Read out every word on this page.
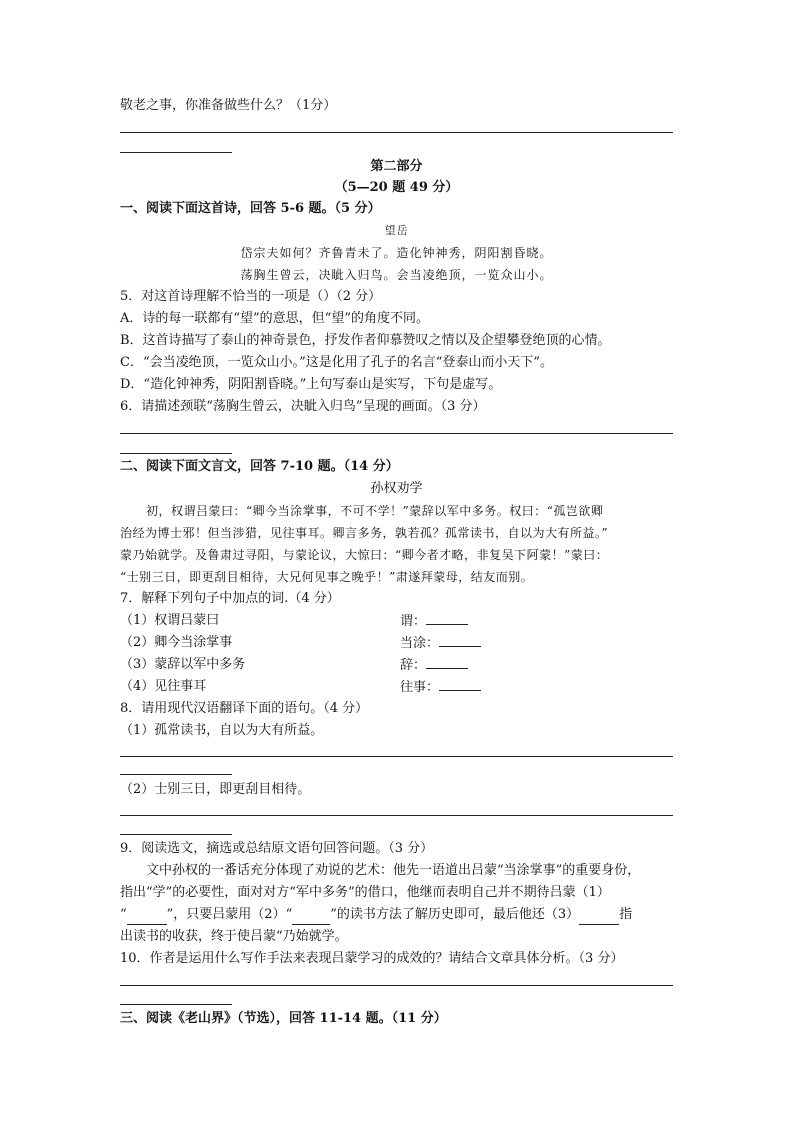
敬老之事，你准备做些什么？（1分）
第二部分
（5—20 题 49 分）
一、阅读下面这首诗，回答 5-6 题。（5 分）
望岳
岱宗夫如何？齐鲁青未了。造化钟神秀，阴阳割昏晓。
荡胸生曾云，决眦入归鸟。会当凌绝顶，一览众山小。
5．对这首诗理解不恰当的一项是（）（2 分）
A．诗的每一联都有“望”的意思，但“望”的角度不同。
B．这首诗描写了泰山的神奇景色，抒发作者仰慕赞叹之情以及企望攀登绝顶的心情。
C．“会当凌绝顶，一览众山小。”这是化用了孔子的名言“登泰山而小天下”。
D．“造化钟神秀，阴阳割昏晓。”上句写泰山是实写，下句是虚写。
6．请描述颈联“荡胸生曾云，决眦入归鸟”呈现的画面。（3 分）
二、阅读下面文言文，回答 7-10 题。（14 分）
孙权劝学
初，权谓吕蒙曰：“卿今当涂掌事，不可不学！”蒙辞以军中多务。权曰：“孤岂欲卿
治经为博士邪！但当涉猎，见往事耳。卿言多务，孰若孤？孤常读书，自以为大有所益。”
蒙乃始就学。及鲁肃过寻阳，与蒙论议，大惊曰：“卿今者才略，非复吴下阿蒙！”蒙曰：
“士别三日，即更刮目相待，大兄何见事之晚乎！”肃遂拜蒙母，结友而别。
7．解释下列句子中加点的词.（4 分）
（1）权谓吕蒙曰	谓：
（2）卿今当涂掌事	当涂：
（3）蒙辞以军中多务	辞：
（4）见往事耳	往事：
8．请用现代汉语翻译下面的语句。（4 分）
（1）孤常读书，自以为大有所益。
（2）士别三日，即更刮目相待。
9．阅读选文，摘选或总结原文语句回答问题。（3 分）
文中孙权的一番话充分体现了劝说的艺术：他先一语道出吕蒙“当涂掌事”的重要身份，
指出“学”的必要性，面对对方“军中多务”的借口，他继而表明自己并不期待吕蒙（1）
“	”，只要吕蒙用（2）“	”的读书方法了解历史即可，最后他还（3）	指
出读书的收获，终于使吕蒙“乃始就学。
10．作者是运用什么写作手法来表现吕蒙学习的成效的？请结合文章具体分析。（3 分）
三、阅读《老山界》（节选），回答 11-14 题。（11 分）
